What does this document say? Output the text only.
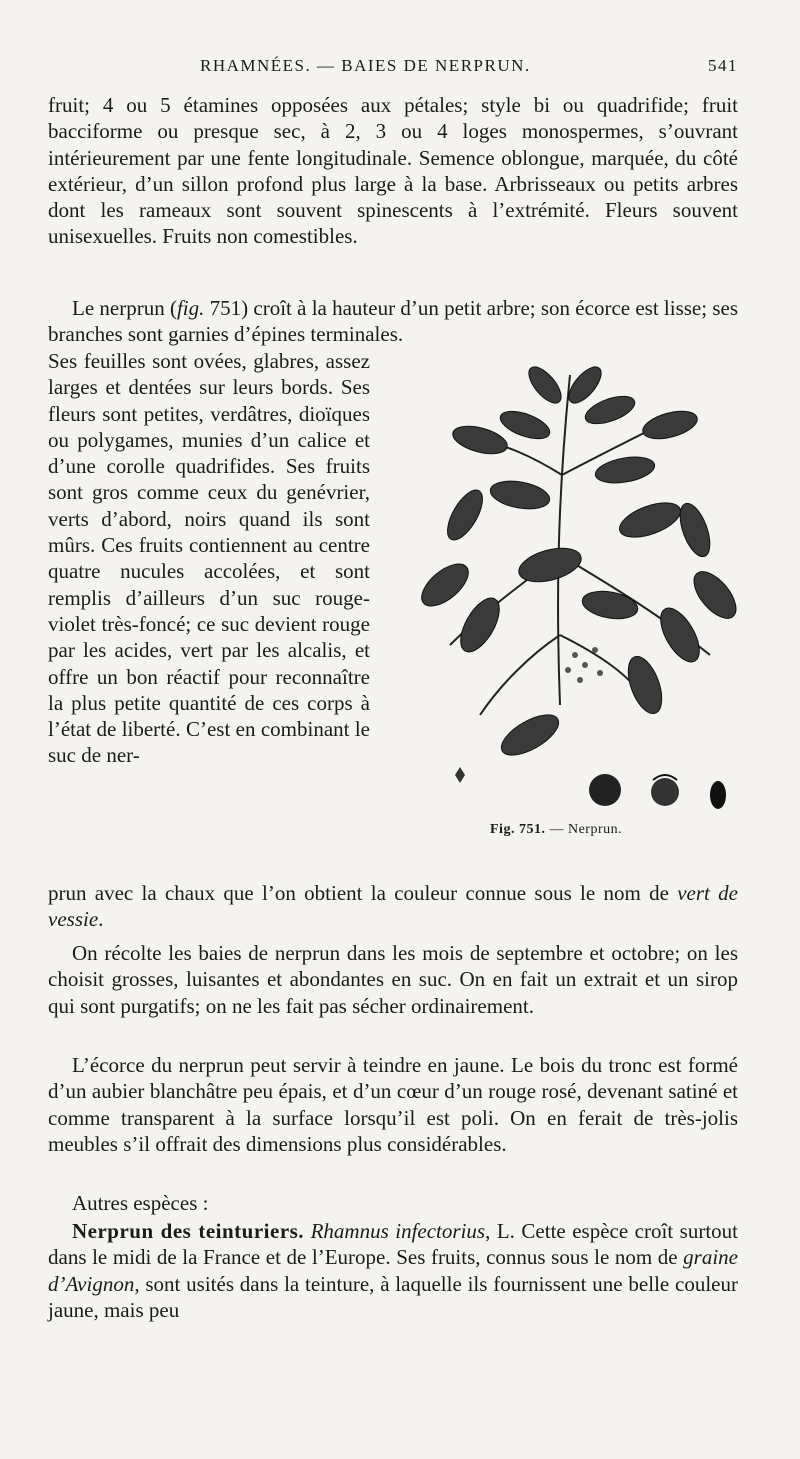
RHAMNÉES. — BAIES DE NERPRUN.	541
fruit; 4 ou 5 étamines opposées aux pétales; style bi ou quadrifide; fruit bacciforme ou presque sec, à 2, 3 ou 4 loges monospermes, s’ouvrant intérieurement par une fente longitudinale. Semence oblongue, marquée, du côté extérieur, d’un sillon profond plus large à la base. Arbrisseaux ou petits arbres dont les rameaux sont souvent spinescents à l’extrémité. Fleurs souvent unisexuelles. Fruits non comestibles.
Le nerprun (fig. 751) croît à la hauteur d’un petit arbre; son écorce est lisse; ses branches sont garnies d’épines terminales.
Ses feuilles sont ovées, glabres, assez larges et dentées sur leurs bords. Ses fleurs sont petites, verdâtres, dioïques ou polygames, munies d’un calice et d’une corolle quadrifides. Ses fruits sont gros comme ceux du genévrier, verts d’abord, noirs quand ils sont mûrs. Ces fruits contiennent au centre quatre nucules accolées, et sont remplis d’ailleurs d’un suc rouge-violet très-foncé; ce suc devient rouge par les acides, vert par les alcalis, et offre un bon réactif pour reconnaître la plus petite quantité de ces corps à l’état de liberté. C’est en combinant le suc de ner-
prun avec la chaux que l’on obtient la couleur connue sous le nom de vert de vessie.
On récolte les baies de nerprun dans les mois de septembre et octobre; on les choisit grosses, luisantes et abondantes en suc. On en fait un extrait et un sirop qui sont purgatifs; on ne les fait pas sécher ordinairement.
L’écorce du nerprun peut servir à teindre en jaune. Le bois du tronc est formé d’un aubier blanchâtre peu épais, et d’un cœur d’un rouge rosé, devenant satiné et comme transparent à la surface lorsqu’il est poli. On en ferait de très-jolis meubles s’il offrait des dimensions plus considérables.
Autres espèces :
Nerprun des teinturiers. Rhamnus infectorius, L. Cette espèce croît surtout dans le midi de la France et de l’Europe. Ses fruits, connus sous le nom de graine d’Avignon, sont usités dans la teinture, à laquelle ils fournissent une belle couleur jaune, mais peu
Fig. 751. — Nerprun.
